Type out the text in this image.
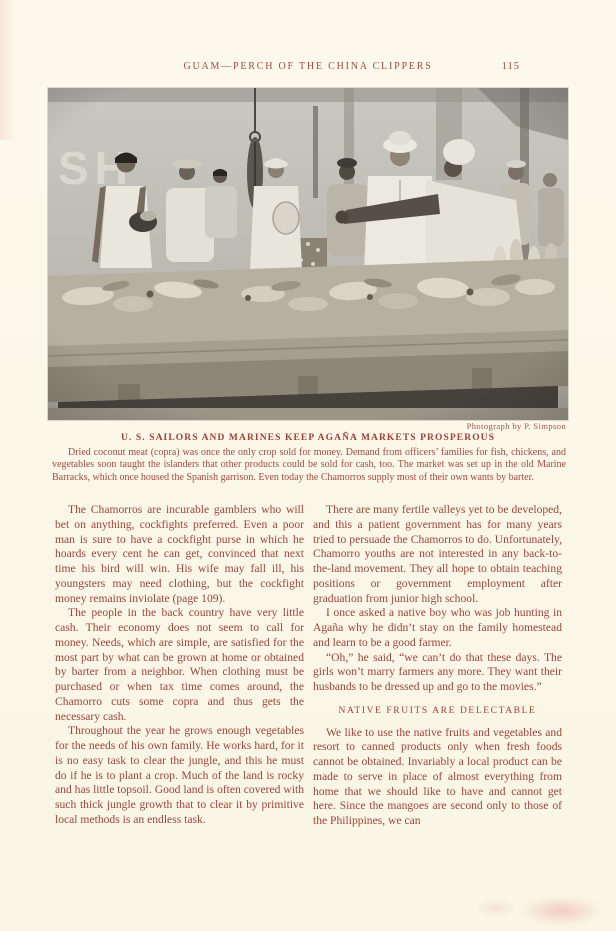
GUAM—PERCH OF THE CHINA CLIPPERS	115
Photograph by P. Simpson
U. S. SAILORS AND MARINES KEEP AGAÑA MARKETS PROSPEROUS

Dried coconut meat (copra) was once the only crop sold for money. Demand from officers’ families for fish, chickens, and vegetables soon taught the islanders that other products could be sold for cash, too. The market was set up in the old Marine Barracks, which once housed the Spanish garrison. Even today the Chamorros supply most of their own wants by barter.

The Chamorros are incurable gamblers who will bet on anything, cockfights preferred. Even a poor man is sure to have a cockfight purse in which he hoards every cent he can get, convinced that next time his bird will win. His wife may fall ill, his youngsters may need clothing, but the cockfight money remains inviolate (page 109).

The people in the back country have very little cash. Their economy does not seem to call for money. Needs, which are simple, are satisfied for the most part by what can be grown at home or obtained by barter from a neighbor. When clothing must be purchased or when tax time comes around, the Chamorro cuts some copra and thus gets the necessary cash.

Throughout the year he grows enough vegetables for the needs of his own family. He works hard, for it is no easy task to clear the jungle, and this he must do if he is to plant a crop. Much of the land is rocky and has little topsoil. Good land is often covered with such thick jungle growth that to clear it by primitive local methods is an endless task.

There are many fertile valleys yet to be developed, and this a patient government has for many years tried to persuade the Chamorros to do. Unfortunately, Chamorro youths are not interested in any back-to-the-land movement. They all hope to obtain teaching positions or government employment after graduation from junior high school.

I once asked a native boy who was job hunting in Agaña why he didn’t stay on the family homestead and learn to be a good farmer.

“Oh,” he said, “we can’t do that these days. The girls won’t marry farmers any more. They want their husbands to be dressed up and go to the movies.”

NATIVE FRUITS ARE DELECTABLE

We like to use the native fruits and vegetables and resort to canned products only when fresh foods cannot be obtained. Invariably a local product can be made to serve in place of almost everything from home that we should like to have and cannot get here. Since the mangoes are second only to those of the Philippines, we can
